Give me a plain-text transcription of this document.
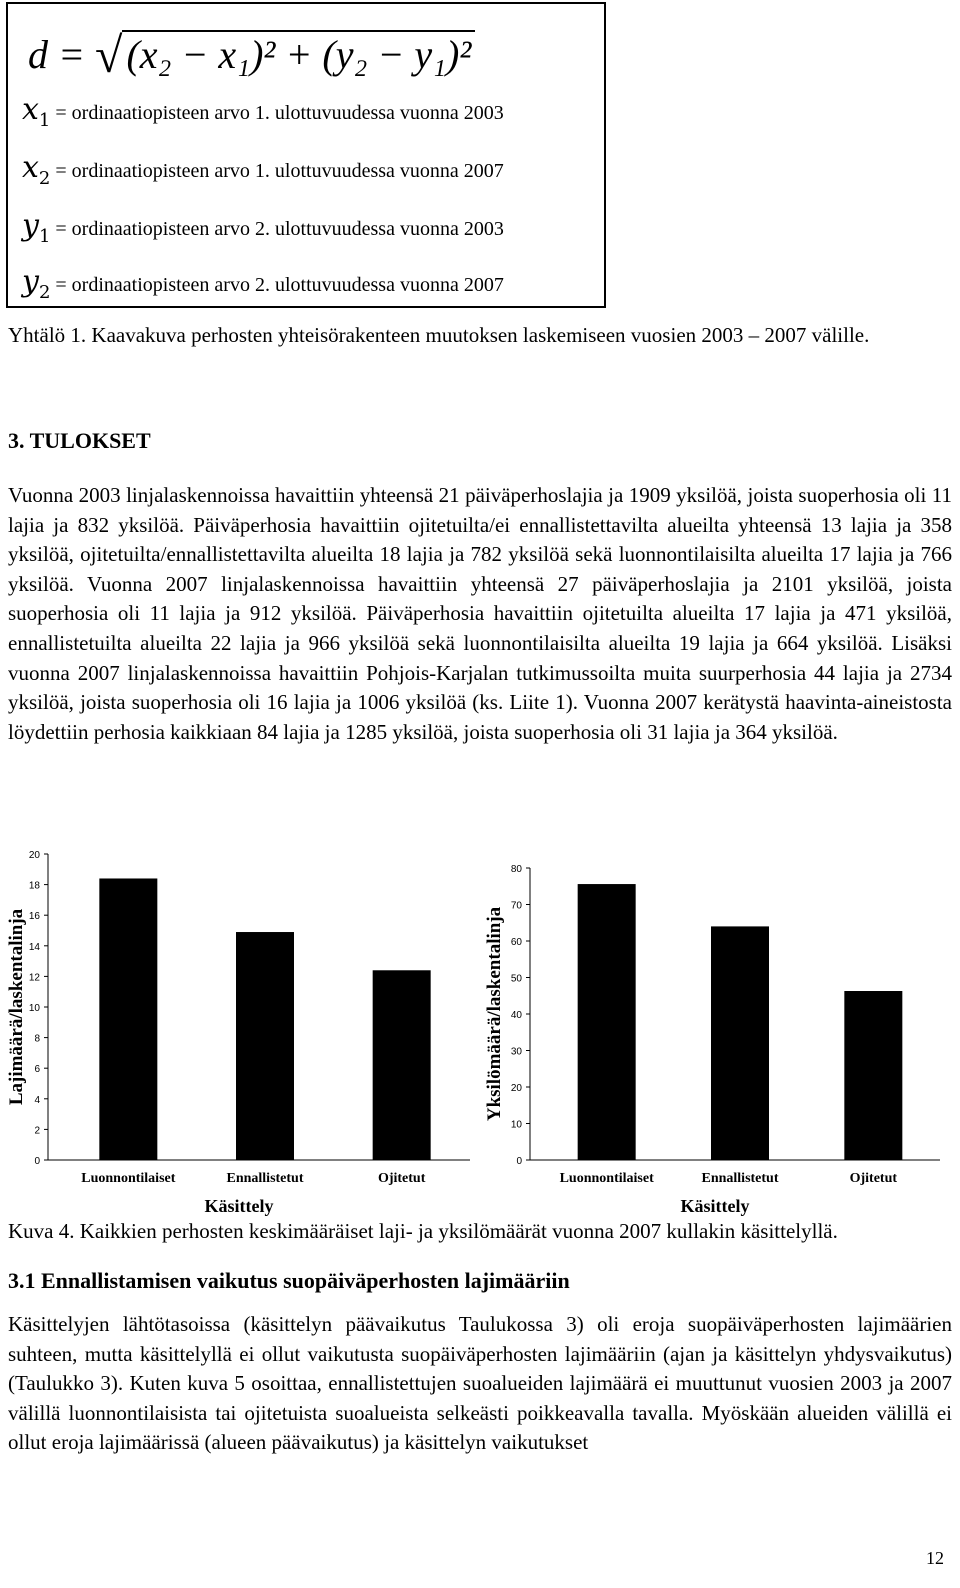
d = √ (x₂ − x₁)² + (y₂ − y₁)²
$x_1$ = ordinaatiopisteen arvo 1. ulottuvuudessa vuonna 2003
$x_2$ = ordinaatiopisteen arvo 1. ulottuvuudessa vuonna 2007
$y_1$ = ordinaatiopisteen arvo 2. ulottuvuudessa vuonna 2003
$y_2$ = ordinaatiopisteen arvo 2. ulottuvuudessa vuonna 2007

Yhtälö 1. Kaavakuva perhosten yhteisörakenteen muutoksen laskemiseen vuosien 2003 – 2007 välille.

3. TULOKSET

Vuonna 2003 linjalaskennoissa havaittiin yhteensä 21 päiväperhoslajia ja 1909 yksilöä, joista suoperhosia oli 11 lajia ja 832 yksilöä. Päiväperhosia havaittiin ojitetuilta/ei ennallistettavilta alueilta yhteensä 13 lajia ja 358 yksilöä, ojitetuilta/ennallistettavilta alueilta 18 lajia ja 782 yksilöä sekä luonnontilaisilta alueilta 17 lajia ja 766 yksilöä. Vuonna 2007 linjalaskennoissa havaittiin yhteensä 27 päiväperhoslajia ja 2101 yksilöä, joista suoperhosia oli 11 lajia ja 912 yksilöä. Päiväperhosia havaittiin ojitetuilta alueilta 17 lajia ja 471 yksilöä, ennallistetuilta alueilta 22 lajia ja 966 yksilöä sekä luonnontilaisilta alueilta 19 lajia ja 664 yksilöä. Lisäksi vuonna 2007 linjalaskennoissa havaittiin Pohjois-Karjalan tutkimussoilta muita suurperhosia 44 lajia ja 2734 yksilöä, joista suoperhosia oli 16 lajia ja 1006 yksilöä (ks. Liite 1). Vuonna 2007 kerätystä haavinta-aineistosta löydettiin perhosia kaikkiaan 84 lajia ja 1285 yksilöä, joista suoperhosia oli 31 lajia ja 364 yksilöä.

0
2
4
6
8
10
12
14
16
18
20
Luonnontilaiset	Ennallistetut	Ojitetut
Käsittely
Lajimäärä/laskentalinja
0
10
20
30
40
50
60
70
80
Luonnontilaiset	Ennallistetut	Ojitetut
Käsittely
Yksilömäärä/laskentalinja

Kuva 4. Kaikkien perhosten keskimääräiset laji- ja yksilömäärät vuonna 2007 kullakin käsittelyllä.

3.1 Ennallistamisen vaikutus suopäiväperhosten lajimääriin

Käsittelyjen lähtötasoissa (käsittelyn päävaikutus Taulukossa 3) oli eroja suopäiväperhosten lajimäärien suhteen, mutta käsittelyllä ei ollut vaikutusta suopäiväperhosten lajimääriin (ajan ja käsittelyn yhdysvaikutus) (Taulukko 3). Kuten kuva 5 osoittaa, ennallistettujen suoalueiden lajimäärä ei muuttunut vuosien 2003 ja 2007 välillä luonnontilaisista tai ojitetuista suoalueista selkeästi poikkeavalla tavalla. Myöskään alueiden välillä ei ollut eroja lajimäärissä (alueen päävaikutus) ja käsittelyn vaikutukset

12
